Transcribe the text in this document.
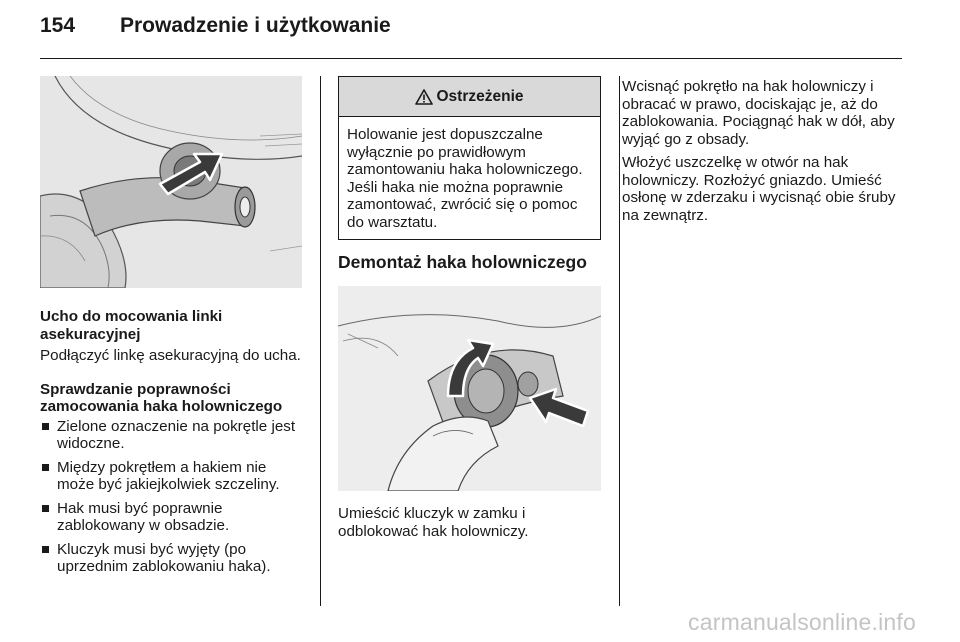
154	Prowadzenie i użytkowanie
Ucho do mocowania linki asekuracyjnej
Podłączyć linkę asekuracyjną do ucha.
Sprawdzanie poprawności zamocowania haka holowniczego
Zielone oznaczenie na pokrętle jest widoczne.
Między pokrętłem a hakiem nie może być jakiejkolwiek szczeliny.
Hak musi być poprawnie zablokowany w obsadzie.
Kluczyk musi być wyjęty (po uprzednim zablokowaniu haka).
Ostrzeżenie
Holowanie jest dopuszczalne wyłącznie po prawidłowym zamontowaniu haka holowniczego. Jeśli haka nie można poprawnie zamontować, zwrócić się o pomoc do warsztatu.
Demontaż haka holowniczego
Umieścić kluczyk w zamku i odblokować hak holowniczy.
Wcisnąć pokrętło na hak holowniczy i obracać w prawo, dociskając je, aż do zablokowania. Pociągnąć hak w dół, aby wyjąć go z obsady.
Włożyć uszczelkę w otwór na hak holowniczy. Rozłożyć gniazdo. Umieść osłonę w zderzaku i wycisnąć obie śruby na zewnątrz.
carmanualsonline.info
